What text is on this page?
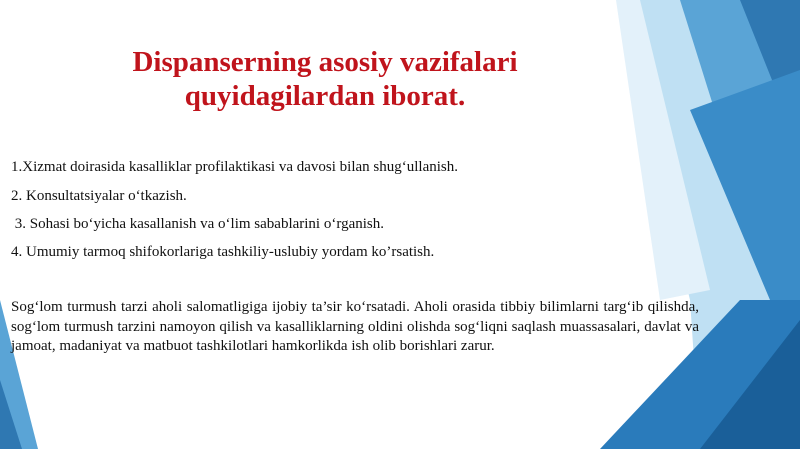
Dispanserning asosiy vazifalari
quyidagilardan iborat.
1.Xizmat doirasida kasalliklar profilaktikasi va davosi bilan shug‘ullanish.
2. Konsultatsiyalar o‘tkazish.
3. Sohasi bo‘yicha kasallanish va o‘lim sabablarini o‘rganish.
4. Umumiy tarmoq shifokorlariga tashkiliy-uslubiy yordam ko’rsatish.
Sog‘lom turmush tarzi aholi salomatligiga ijobiy ta’sir ko‘rsatadi. Aholi orasida tibbiy bilimlarni targ‘ib qilishda, sog‘lom turmush tarzini namoyon qilish va kasalliklarning oldini olishda sog‘liqni saqlash muassasalari, davlat va jamoat, madaniyat va matbuot tashkilotlari hamkorlikda ish olib borishlari zarur.
